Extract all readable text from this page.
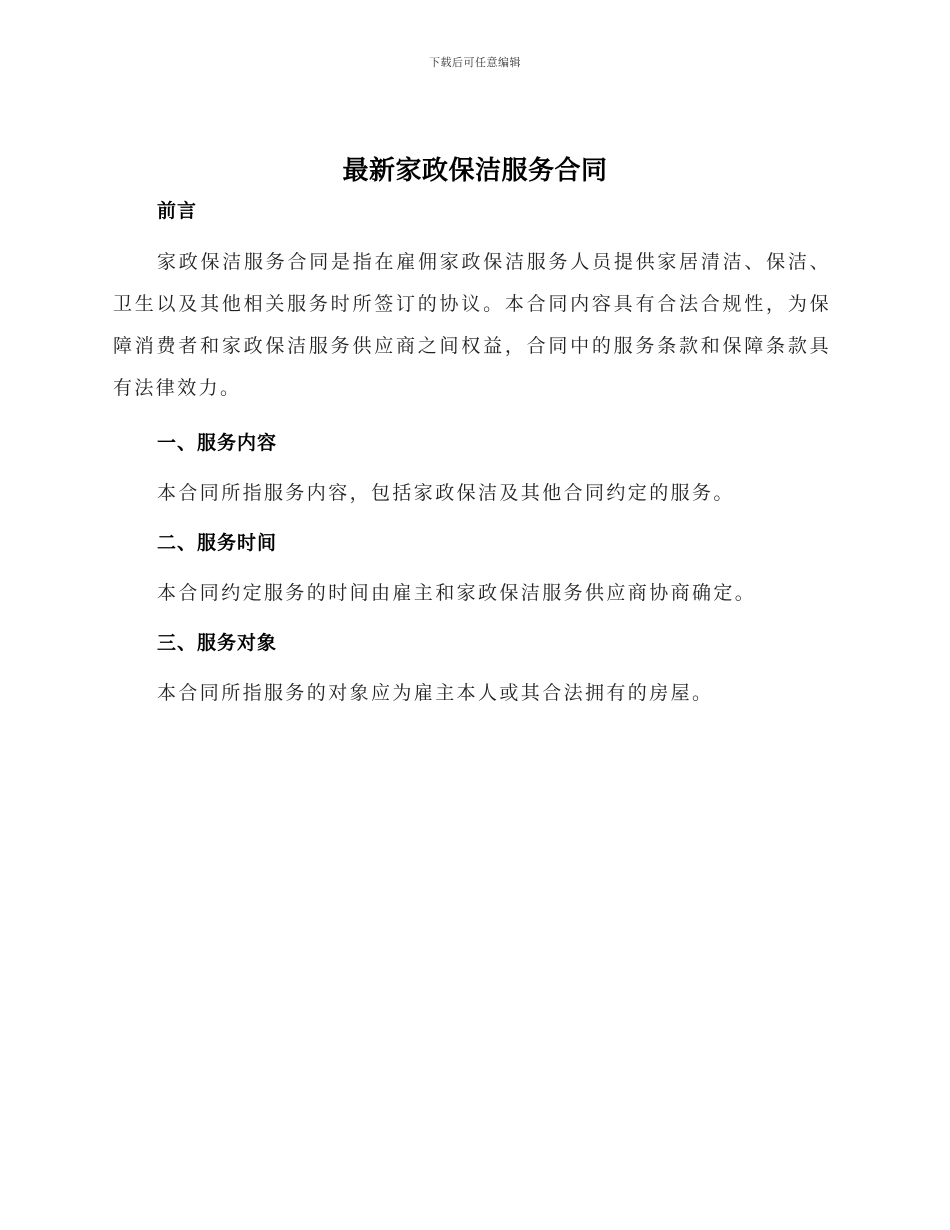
下载后可任意编辑
最新家政保洁服务合同
前言
家政保洁服务合同是指在雇佣家政保洁服务人员提供家居清洁、保洁、卫生以及其他相关服务时所签订的协议。本合同内容具有合法合规性，为保障消费者和家政保洁服务供应商之间权益，合同中的服务条款和保障条款具有法律效力。
一、服务内容
本合同所指服务内容，包括家政保洁及其他合同约定的服务。
二、服务时间
本合同约定服务的时间由雇主和家政保洁服务供应商协商确定。
三、服务对象
本合同所指服务的对象应为雇主本人或其合法拥有的房屋。
